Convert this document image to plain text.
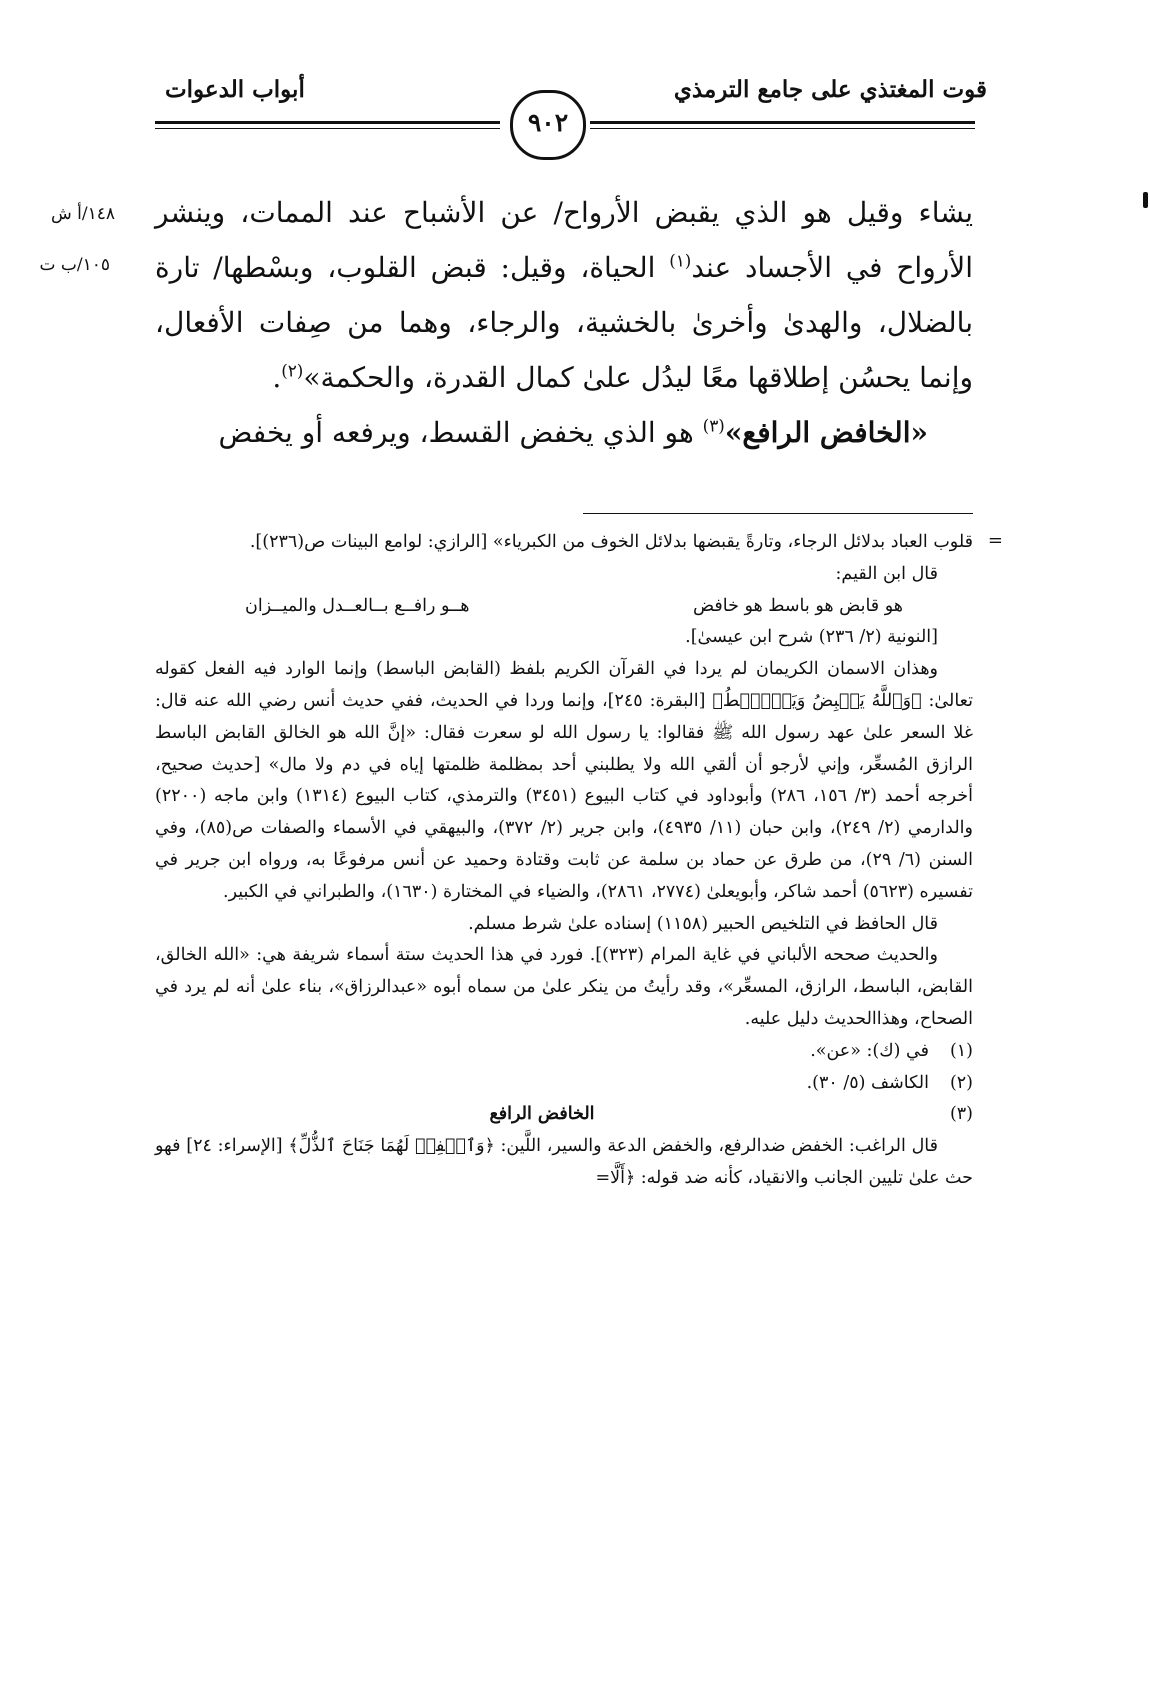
قوت المغتذي على جامع الترمذي
أبواب الدعوات
٩٠٢
١٤٨/أ ش
١٠٥/ب ت

يشاء وقيل هو الذي يقبض الأرواح/ عن الأشباح عند الممات، وينشر الأرواح في الأجساد عند$^{(١)}$ الحياة، وقيل: قبض القلوب، وبسْطها/ تارة بالضلال، والهدىٰ وأخرىٰ بالخشية، والرجاء، وهما من صِفات الأفعال، وإنما يحسُن إطلاقها معًا ليدُل علىٰ كمال القدرة، والحكمة»$^{(٢)}$.

«الخافض الرافع»$^{(٣)}$ هو الذي يخفض القسط، ويرفعه أو يخفض

=

قلوب العباد بدلائل الرجاء، وتارةً يقبضها بدلائل الخوف من الكبرياء» [الرازي: لوامع البينات ص(٢٣٦)].

قال ابن القيم:

هو قابض هو باسط هو خافض
هــو رافــع بــالعــدل والميــزان

[النونية (٢/ ٢٣٦) شرح ابن عيسىٰ].

وهذان الاسمان الكريمان لم يردا في القرآن الكريم بلفظ (القابض الباسط) وإنما الوارد فيه الفعل كقوله تعالىٰ: ﴿وَٱللَّهُ يَقۡبِضُ وَيَبۡصُۜطُ﴾ [البقرة: ٢٤٥]، وإنما وردا في الحديث، ففي حديث أنس رضي الله عنه قال: غلا السعر علىٰ عهد رسول الله ﷺ فقالوا: يا رسول الله لو سعرت فقال: «إنَّ الله هو الخالق القابض الباسط الرازق المُسعِّر، وإني لأرجو أن ألقي الله ولا يطلبني أحد بمظلمة ظلمتها إياه في دم ولا مال» [حديث صحيح، أخرجه أحمد (٣/ ١٥٦، ٢٨٦) وأبوداود في كتاب البيوع (٣٤٥١) والترمذي، كتاب البيوع (١٣١٤) وابن ماجه (٢٢٠٠) والدارمي (٢/ ٢٤٩)، وابن حبان (١١/ ٤٩٣٥)، وابن جرير (٢/ ٣٧٢)، والبيهقي في الأسماء والصفات ص(٨٥)، وفي السنن (٦/ ٢٩)، من طرق عن حماد بن سلمة عن ثابت وقتادة وحميد عن أنس مرفوعًا به، ورواه ابن جرير في تفسيره (٥٦٢٣) أحمد شاكر، وأبويعلىٰ (٢٧٧٤، ٢٨٦١)، والضياء في المختارة (١٦٣٠)، والطبراني في الكبير.

قال الحافظ في التلخيص الحبير (١١٥٨) إسناده علىٰ شرط مسلم.

والحديث صححه الألباني في غاية المرام (٣٢٣)]. فورد في هذا الحديث ستة أسماء شريفة هي: «الله الخالق، القابض، الباسط، الرازق، المسعِّر»، وقد رأيتُ من ينكر علىٰ من سماه أبوه «عبدالرزاق»، بناء علىٰ أنه لم يرد في الصحاح، وهذاالحديث دليل عليه.

(١)
في (ك): «عن».
(٢)
الكاشف (٥/ ٣٠).
(٣)
الخافض الرافع

قال الراغب: الخفض ضدالرفع، والخفض الدعة والسير، اللَّين: ﴿وَٱخۡفِضۡ لَهُمَا جَنَاحَ ٱلذُّلِّ﴾ [الإسراء: ٢٤] فهو حث علىٰ تليين الجانب والانقياد، كأنه ضد قوله: ﴿أَلَّا=
